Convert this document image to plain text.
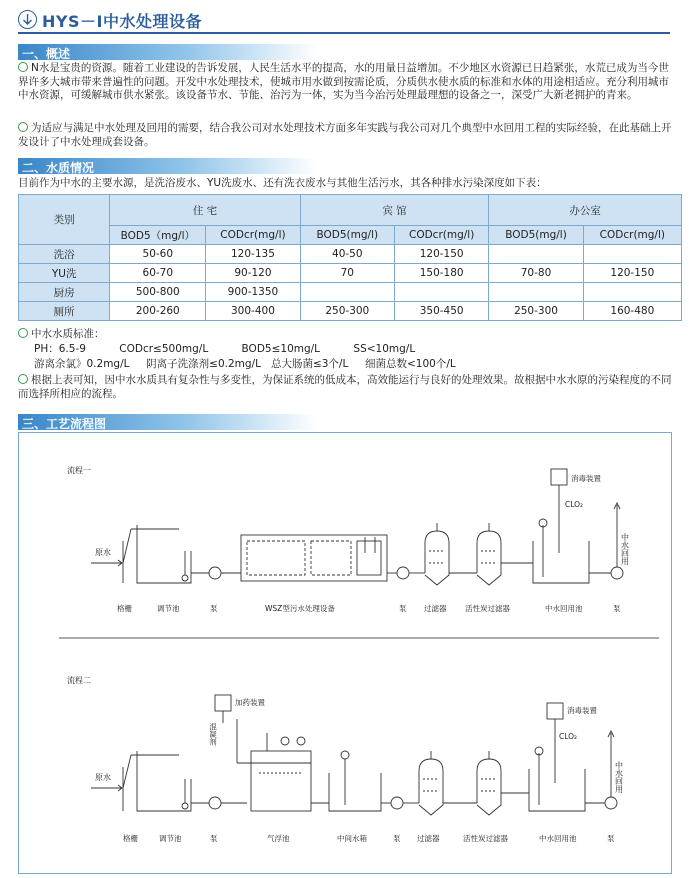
HYS－Ⅰ中水处理设备
一、概述
N水是宝贵的资源。随着工业建设的告诉发展，人民生活水平的提高，水的用量日益增加。不少地区水资源已日趋紧张，水荒已成为当今世界许多大城市带来普遍性的问题。开发中水处理技术，使城市用水做到按需论质，分质供水使水质的标准和水体的用途相适应。充分利用城市中水资源，可缓解城市供水紧张。该设备节水、节能、治污为一体，实为当今治污处理最理想的设备之一，深受广大新老拥护的青来。
为适应与满足中水处理及回用的需要，结合我公司对水处理技术方面多年实践与我公司对几个典型中水回用工程的实际经验，在此基础上开发设计了中水处理成套设备。
二、水质情况
目前作为中水的主要水源，是洗浴废水、YU洗废水、还有洗衣废水与其他生活污水，其各种排水污染深度如下表：
类别	住 宅		宾 馆		办公室	
	BOD5（mg/l）	CODcr(mg/l)	BOD5(mg/l)	CODcr(mg/l)	BOD5(mg/l)	CODcr(mg/l)
洗浴	50-60	120-135	40-50	120-150		
YU洗	60-70	90-120	70	150-180	70-80	120-150
厨房	500-800	900-1350				
厕所	200-260	300-400	250-300	350-450	250-300	160-480
中水水质标准：
PH：6.5-9          CODcr≤500mg/L          BOD5≤10mg/L          SS<10mg/L
游离余氯》0.2mg/L     阴离子洗涤剂≤0.2mg/L   总大肠菌≤3个/L     细菌总数<100个/L
根据上表可知，因中水水质具有复杂性与多变性，为保证系统的低成本，高效能运行与良好的处理效果。故根据中水水原的污染程度的不同而选择所相应的流程。
三、工艺流程图
流程一
原水
消毒装置
CLO₂
中水回用
格栅	调节池	泵	WSZ型污水处理设备	泵 过滤器 活性炭过滤器	中水回用池	泵
流程二
原水
加药装置
混凝剂
消毒装置
CLO₂
中水回用
格栅	调节池	泵	气浮池	中间水箱	泵 过滤器	活性炭过滤器	中水回用池	泵
